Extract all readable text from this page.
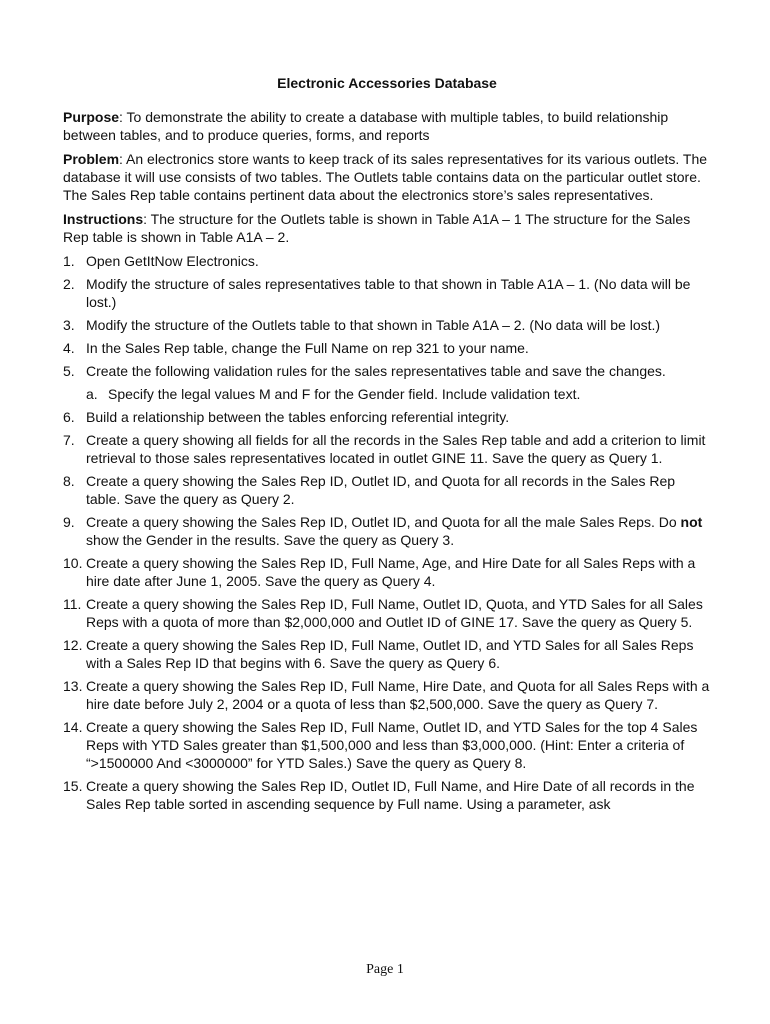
Electronic Accessories Database

Purpose: To demonstrate the ability to create a database with multiple tables, to build relationship between tables, and to produce queries, forms, and reports

Problem: An electronics store wants to keep track of its sales representatives for its various outlets. The database it will use consists of two tables. The Outlets table contains data on the particular outlet store. The Sales Rep table contains pertinent data about the electronics store’s sales representatives.

Instructions: The structure for the Outlets table is shown in Table A1A – 1 The structure for the Sales Rep table is shown in Table A1A – 2.

1. Open GetItNow Electronics.
2. Modify the structure of sales representatives table to that shown in Table A1A – 1. (No data will be lost.)
3. Modify the structure of the Outlets table to that shown in Table A1A – 2. (No data will be lost.)
4. In the Sales Rep table, change the Full Name on rep 321 to your name.
5. Create the following validation rules for the sales representatives table and save the changes.
a. Specify the legal values M and F for the Gender field. Include validation text.
6. Build a relationship between the tables enforcing referential integrity.
7. Create a query showing all fields for all the records in the Sales Rep table and add a criterion to limit retrieval to those sales representatives located in outlet GINE 11. Save the query as Query 1.
8. Create a query showing the Sales Rep ID, Outlet ID, and Quota for all records in the Sales Rep table. Save the query as Query 2.
9. Create a query showing the Sales Rep ID, Outlet ID, and Quota for all the male Sales Reps. Do not show the Gender in the results. Save the query as Query 3.
10. Create a query showing the Sales Rep ID, Full Name, Age, and Hire Date for all Sales Reps with a hire date after June 1, 2005. Save the query as Query 4.
11. Create a query showing the Sales Rep ID, Full Name, Outlet ID, Quota, and YTD Sales for all Sales Reps with a quota of more than $2,000,000 and Outlet ID of GINE 17. Save the query as Query 5.
12. Create a query showing the Sales Rep ID, Full Name, Outlet ID, and YTD Sales for all Sales Reps with a Sales Rep ID that begins with 6. Save the query as Query 6.
13. Create a query showing the Sales Rep ID, Full Name, Hire Date, and Quota for all Sales Reps with a hire date before July 2, 2004 or a quota of less than $2,500,000. Save the query as Query 7.
14. Create a query showing the Sales Rep ID, Full Name, Outlet ID, and YTD Sales for the top 4 Sales Reps with YTD Sales greater than $1,500,000 and less than $3,000,000. (Hint: Enter a criteria of “>1500000 And <3000000” for YTD Sales.) Save the query as Query 8.
15. Create a query showing the Sales Rep ID, Outlet ID, Full Name, and Hire Date of all records in the Sales Rep table sorted in ascending sequence by Full name. Using a parameter, ask
Page 1
